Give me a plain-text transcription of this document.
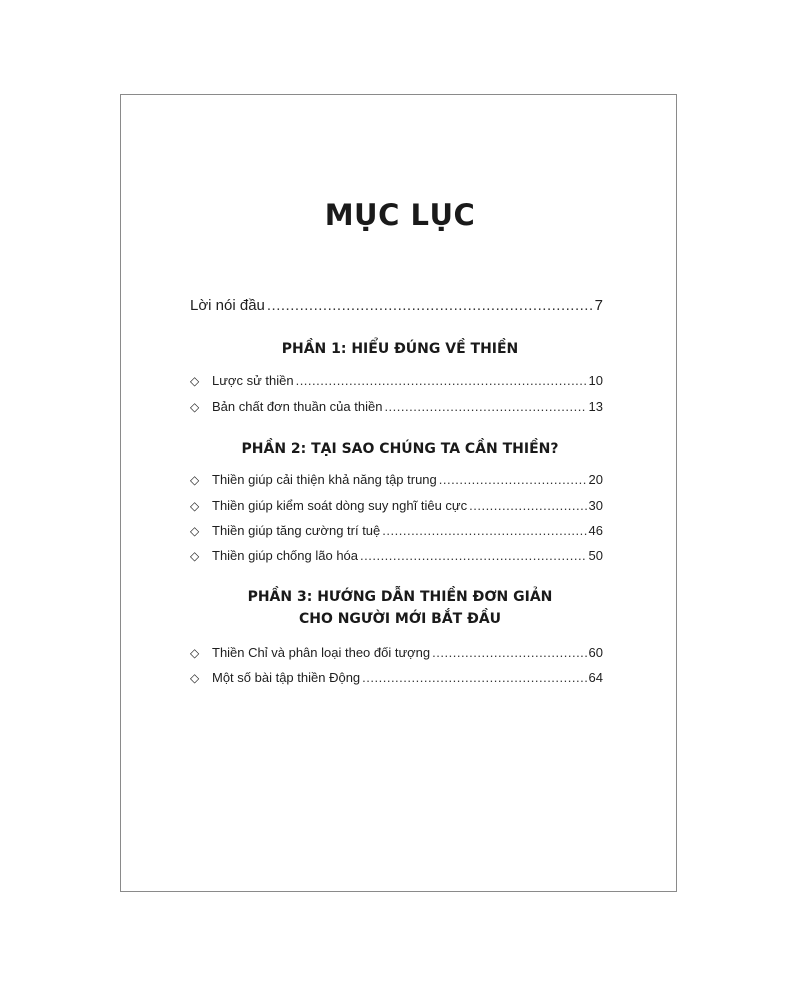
MỤC LỤC
Lời nói đầu .....	7
PHẦN 1: HIỂU ĐÚNG VỀ THIỀN
◇ Lược sử thiền .....	10
◇ Bản chất đơn thuần của thiền .....	13
PHẦN 2: TẠI SAO CHÚNG TA CẦN THIỀN?
◇ Thiền giúp cải thiện khả năng tập trung .....	20
◇ Thiền giúp kiểm soát dòng suy nghĩ tiêu cực .....	30
◇ Thiền giúp tăng cường trí tuệ .....	46
◇ Thiền giúp chống lão hóa .....	50
PHẦN 3: HƯỚNG DẪN THIỀN ĐƠN GIẢN
CHO NGƯỜI MỚI BẮT ĐẦU
◇ Thiền Chỉ và phân loại theo đối tượng .....	60
◇ Một số bài tập thiền Động .....	64
